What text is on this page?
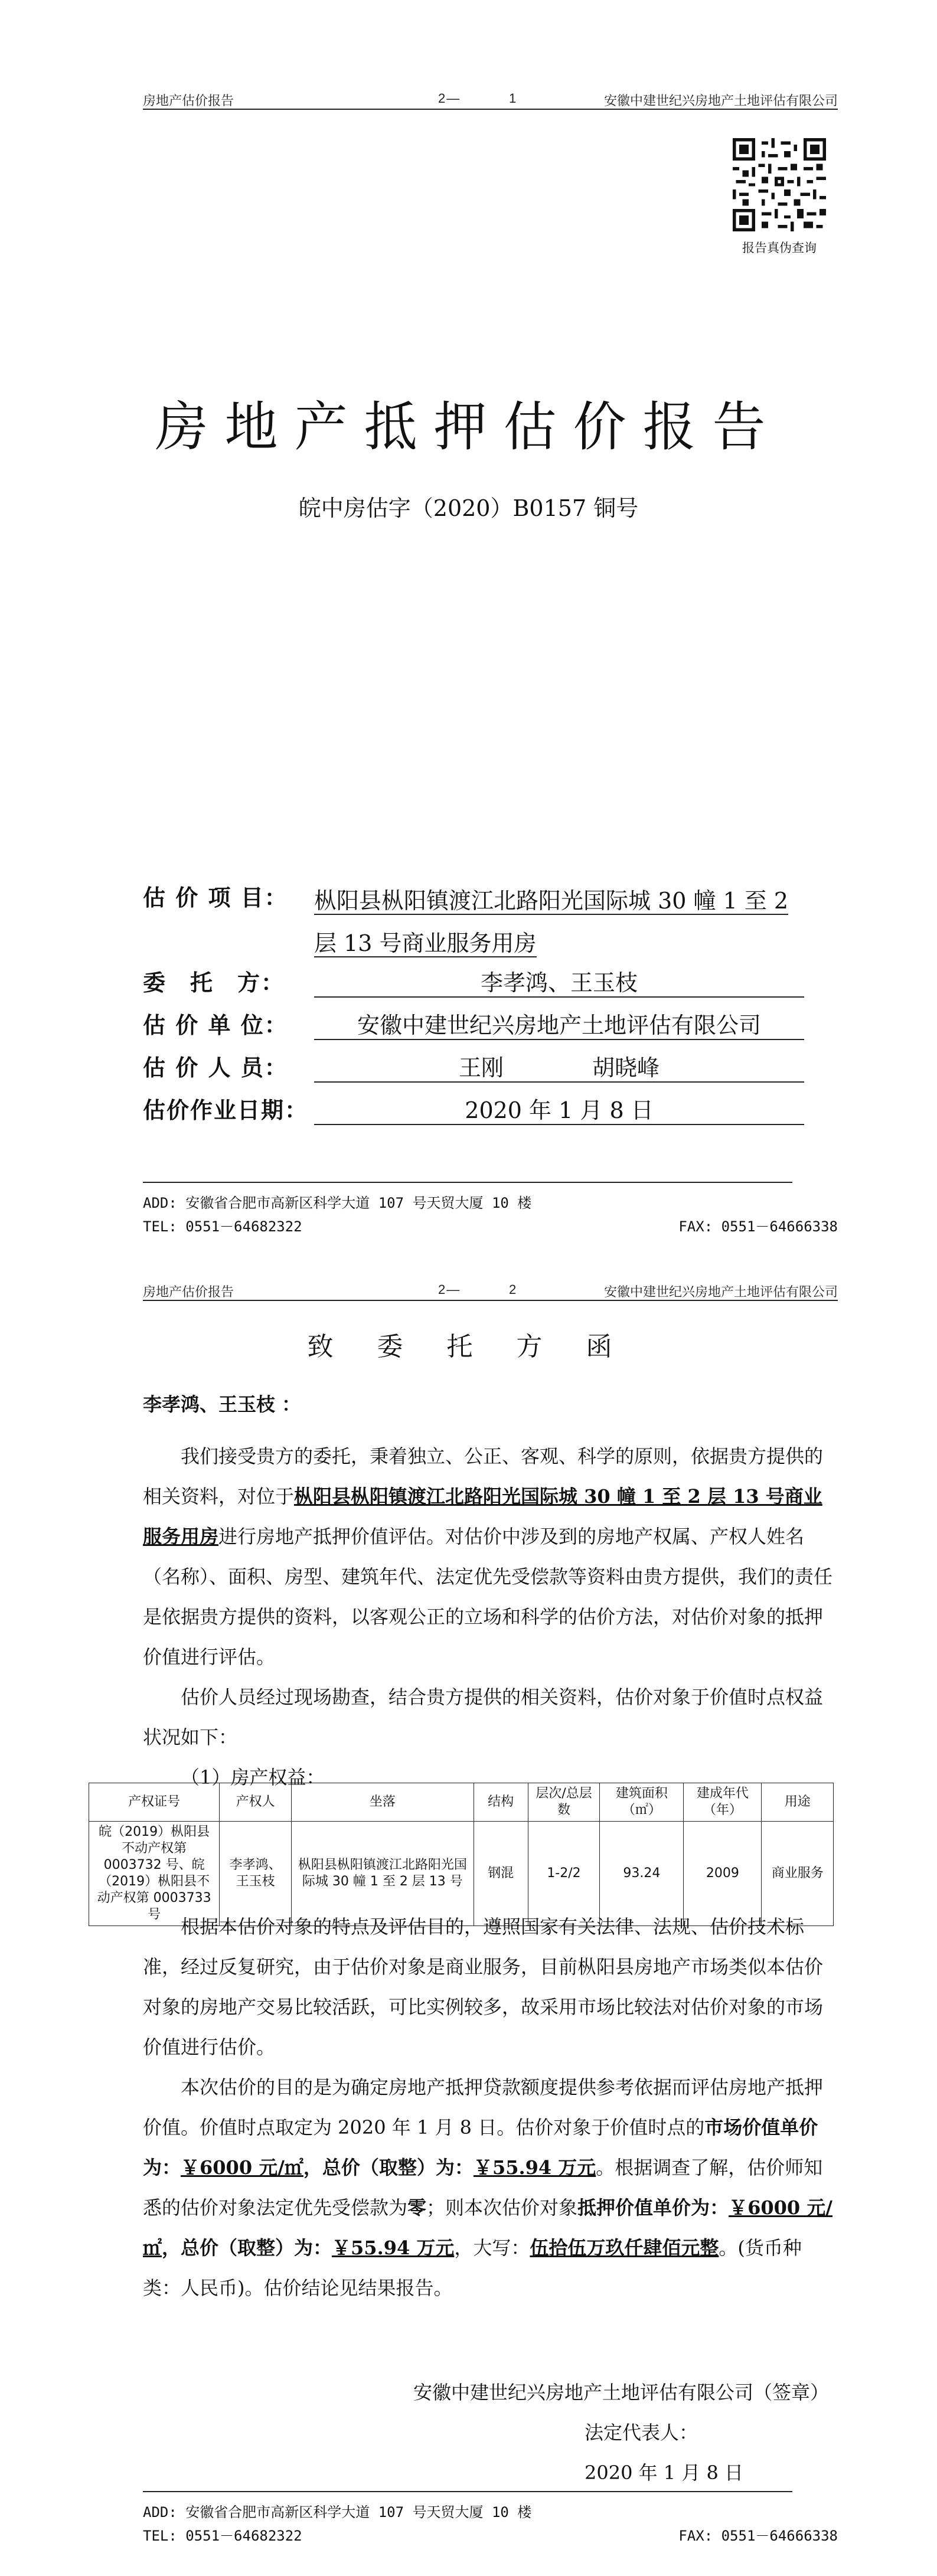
房地产估价报告	2—	1	安徽中建世纪兴房地产土地评估有限公司
报告真伪查询
房地产抵押估价报告
皖中房估字（2020）B0157 铜号
估 价 项 目： 枞阳县枞阳镇渡江北路阳光国际城 30 幢 1 至 2 层 13 号商业服务用房
委　托　方：	李孝鸿、王玉枝
估 价 单 位：	安徽中建世纪兴房地产土地评估有限公司
估 价 人 员：	王刚	胡晓峰
估价作业日期：	2020 年 1 月 8 日
ADD: 安徽省合肥市高新区科学大道 107 号天贸大厦 10 楼
TEL: 0551－64682322	FAX: 0551－64666338
房地产估价报告	2—	2	安徽中建世纪兴房地产土地评估有限公司
致 委 托 方 函

李孝鸿、王玉枝 ：

我们接受贵方的委托，秉着独立、公正、客观、科学的原则，依据贵方提供的相关资料，对位于枞阳县枞阳镇渡江北路阳光国际城 30 幢 1 至 2 层 13 号商业服务用房进行房地产抵押价值评估。对估价中涉及到的房地产权属、产权人姓名（名称）、面积、房型、建筑年代、法定优先受偿款等资料由贵方提供，我们的责任是依据贵方提供的资料，以客观公正的立场和科学的估价方法，对估价对象的抵押价值进行评估。

估价人员经过现场勘查，结合贵方提供的相关资料，估价对象于价值时点权益状况如下：

（1）房产权益：

产权证号	产权人	坐落	结构	层次/总层数	建筑面积（㎡）	建成年代（年）	用途
皖（2019）枞阳县不动产权第 0003732 号、皖（2019）枞阳县不动产权第 0003733 号	李孝鸿、王玉枝	枞阳县枞阳镇渡江北路阳光国际城 30 幢 1 至 2 层 13 号	钢混	1-2/2	93.24	2009	商业服务

根据本估价对象的特点及评估目的，遵照国家有关法律、法规、估价技术标准，经过反复研究，由于估价对象是商业服务，目前枞阳县房地产市场类似本估价对象的房地产交易比较活跃，可比实例较多，故采用市场比较法对估价对象的市场价值进行估价。

本次估价的目的是为确定房地产抵押贷款额度提供参考依据而评估房地产抵押价值。价值时点取定为 2020 年 1 月 8 日。估价对象于价值时点的市场价值单价为：￥6000 元/㎡，总价（取整）为：￥55.94 万元。根据调查了解，估价师知悉的估价对象法定优先受偿款为零；则本次估价对象抵押价值单价为：￥6000 元/㎡，总价（取整）为：￥55.94 万元，大写：伍拾伍万玖仟肆佰元整。(货币种类：人民币)。估价结论见结果报告。

安徽中建世纪兴房地产土地评估有限公司（签章）
法定代表人：
2020 年 1 月 8 日
ADD: 安徽省合肥市高新区科学大道 107 号天贸大厦 10 楼
TEL: 0551－64682322	FAX: 0551－64666338
